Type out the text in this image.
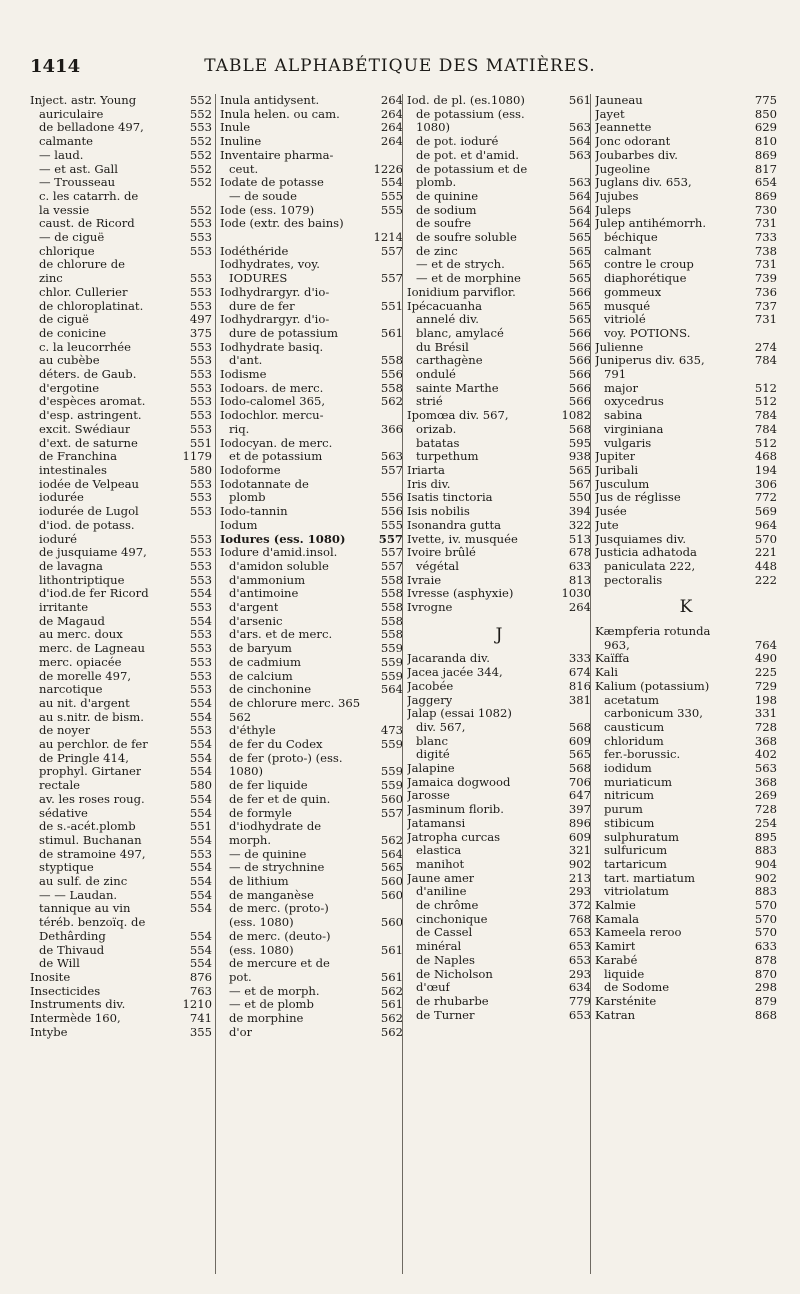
1414	TABLE ALPHABÉTIQUE DES MATIÈRES.
Inject. astr. Young	552
auriculaire	552
de belladone 497,	553
calmante	552
— laud.	552
— et ast. Gall	552
— Trousseau	552
c. les catarrh. de
la vessie	552
caust. de Ricord	553
— de ciguë	553
chlorique	553
de chlorure de
zinc	553
chlor. Cullerier	553
de chloroplatinat.	553
de ciguë	497
de conicine	375
c. la leucorrhée	553
au cubèbe	553
déters. de Gaub.	553
d'ergotine	553
d'espèces aromat.	553
d'esp. astringent.	553
excit. Swédiaur	553
d'ext. de saturne	551
de Franchina	1179
intestinales	580
iodée de Velpeau	553
iodurée	553
iodurée de Lugol	553
d'iod. de potass.
ioduré	553
de jusquiame 497,	553
de lavagna	553
lithontriptique	553
d'iod.de fer Ricord	554
irritante	553
de Magaud	554
au merc. doux	553
merc. de Lagneau	553
merc. opiacée	553
de morelle 497,	553
narcotique	553
au nit. d'argent	554
au s.nitr. de bism.	554
de noyer	553
au perchlor. de fer	554
de Pringle 414,	554
prophyl. Girtaner	554
rectale	580
av. les roses roug.	554
sédative	554
de s.-acét.plomb	551
stimul. Buchanan	554
de stramoine 497,	553
styptique	554
au sulf. de zinc	554
— — Laudan.	554
tannique au vin	554
téréb. benzoïq. de
Dethârding	554
de Thivaud	554
de Will	554
Inosite	876
Insecticides	763
Instruments div.	1210
Intermède 160,	741
Intybe	355
Inula antidysent.	264
Inula helen. ou cam.	264
Inule	264
Inuline	264
Inventaire pharma-
ceut.	1226
Iodate de potasse	554
— de soude	555
Iode (ess. 1079)	555
Iode (extr. des bains)
1214
Iodéthéride	557
Iodhydrates, voy.
IODURES	557
Iodhydrargyr. d'io-
dure de fer	551
Iodhydrargyr. d'io-
dure de potassium	561
Iodhydrate basiq.
d'ant.	558
Iodisme	556
Iodoars. de merc.	558
Iodo-calomel 365,	562
Iodochlor. mercu-
riq.	366
Iodocyan. de merc.
et de potassium	563
Iodoforme	557
Iodotannate de
plomb	556
Iodo-tannin	556
Iodum	555
Iodures (ess. 1080)	557
Iodure d'amid.insol.	557
d'amidon soluble	557
d'ammonium	558
d'antimoine	558
d'argent	558
d'arsenic	558
d'ars. et de merc.	558
de baryum	559
de cadmium	559
de calcium	559
de cinchonine	564
de chlorure merc. 365
562
d'éthyle	473
de fer du Codex	559
de fer (proto-) (ess.
1080)	559
de fer liquide	559
de fer et de quin.	560
de formyle	557
d'iodhydrate de
morph.	562
— de quinine	564
— de strychnine	565
de lithium	560
de manganèse	560
de merc. (proto-)
(ess. 1080)	560
de merc. (deuto-)
(ess. 1080)	561
de mercure et de
pot.	561
— et de morph.	562
— et de plomb	561
de morphine	562
d'or	562
Iod. de pl. (es.1080)	561
de potassium (ess.
1080)	563
de pot. ioduré	564
de pot. et d'amid.	563
de potassium et de
plomb.	563
de quinine	564
de sodium	564
de soufre	564
de soufre soluble	565
de zinc	565
— et de strych.	565
— et de morphine	565
Ionidium parviflor.	566
Ipécacuanha	565
annelé div.	565
blanc, amylacé	566
du Brésil	566
carthagène	566
ondulé	566
sainte Marthe	566
strié	566
Ipomœa div. 567,	1082
orizab.	568
batatas	595
turpethum	938
Iriarta	565
Iris div.	567
Isatis tinctoria	550
Isis nobilis	394
Isonandra gutta	322
Ivette, iv. musquée	513
Ivoire brûlé	678
végétal	633
Ivraie	813
Ivresse (asphyxie)	1030
Ivrogne	264
J
Jacaranda div.	333
Jacea jacée 344,	674
Jacobée	816
Jaggery	381
Jalap (essai 1082)
div. 567,	568
blanc	609
digité	565
Jalapine	568
Jamaica dogwood	706
Jarosse	647
Jasminum florib.	397
Jatamansi	896
Jatropha curcas	609
elastica	321
manihot	902
Jaune amer	213
d'aniline	293
de chrôme	372
cinchonique	768
de Cassel	653
minéral	653
de Naples	653
de Nicholson	293
d'œuf	634
de rhubarbe	779
de Turner	653
Jauneau	775
Jayet	850
Jeannette	629
Jonc odorant	810
Joubarbes div.	869
Jugeoline	817
Juglans div. 653,	654
Jujubes	869
Juleps	730
Julep antihémorrh.	731
béchique	733
calmant	738
contre le croup	731
diaphorétique	739
gommeux	736
musqué	737
vitriolé	731
voy. POTIONS.
Julienne	274
Juniperus div. 635,	784
791
major	512
oxycedrus	512
sabina	784
virginiana	784
vulgaris	512
Jupiter	468
Juribali	194
Jusculum	306
Jus de réglisse	772
Jusée	569
Jute	964
Jusquiames div.	570
Justicia adhatoda	221
paniculata 222,	448
pectoralis	222
K
Kæmpferia rotunda
963,	764
Kaïffa	490
Kali	225
Kalium (potassium)	729
acetatum	198
carbonicum 330,	331
causticum	728
chloridum	368
fer.-borussic.	402
iodidum	563
muriaticum	368
nitricum	269
purum	728
stibicum	254
sulphuratum	895
sulfuricum	883
tartaricum	904
tart. martiatum	902
vitriolatum	883
Kalmie	570
Kamala	570
Kameela reroo	570
Kamirt	633
Karabé	878
liquide	870
de Sodome	298
Karsténite	879
Katran	868
